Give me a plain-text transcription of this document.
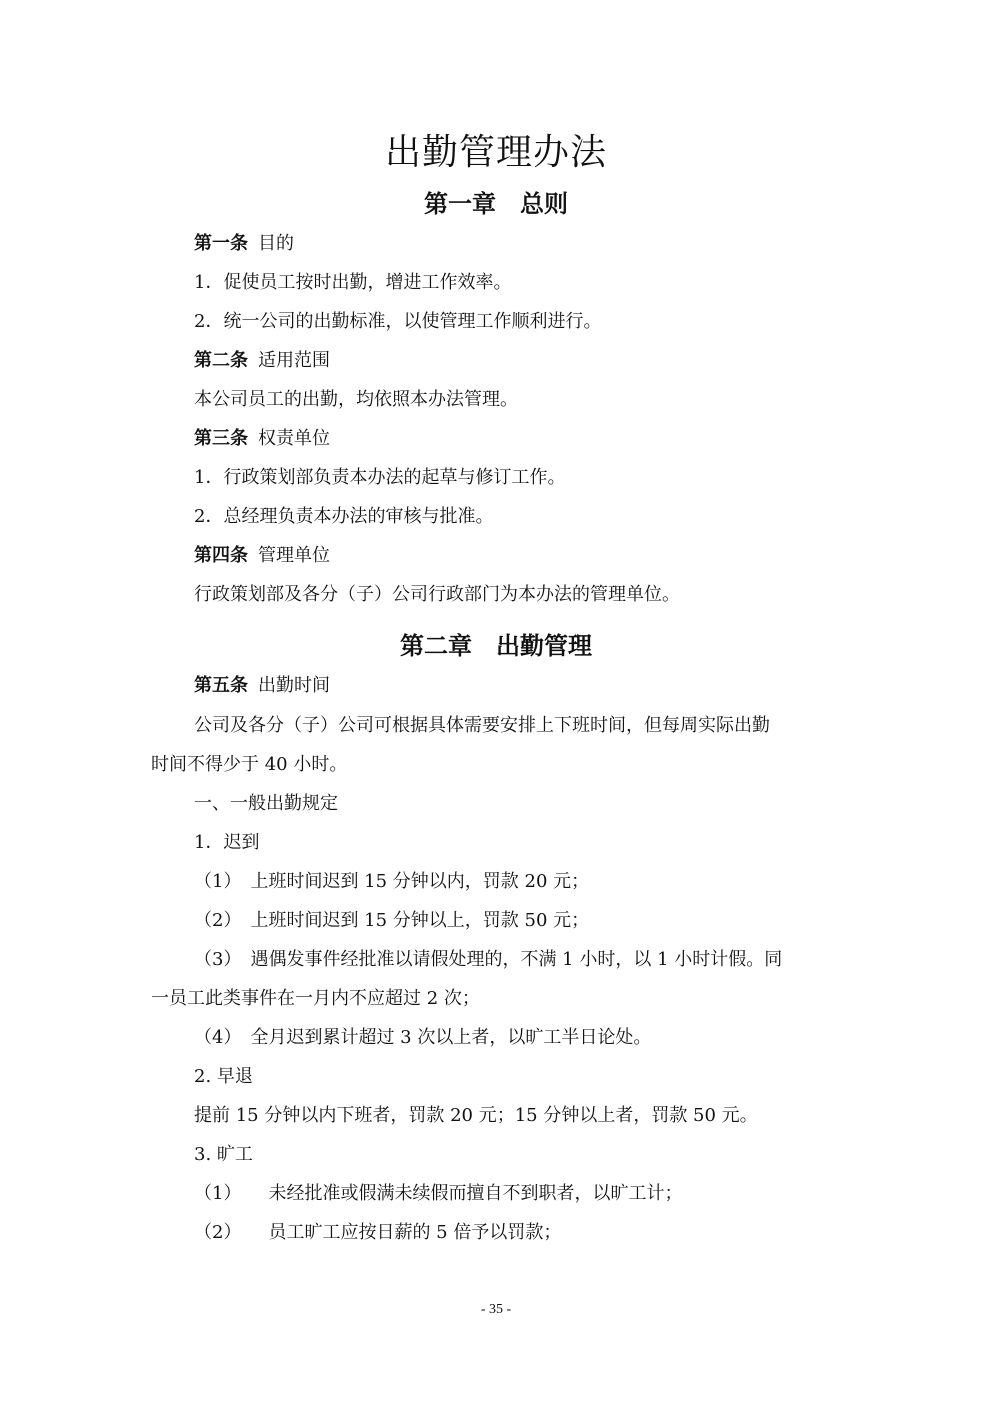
出勤管理办法
第一章　总则
第一条 目的
1．促使员工按时出勤，增进工作效率。
2．统一公司的出勤标准，以使管理工作顺利进行。
第二条 适用范围
本公司员工的出勤，均依照本办法管理。
第三条 权责单位
1．行政策划部负责本办法的起草与修订工作。
2．总经理负责本办法的审核与批准。
第四条 管理单位
行政策划部及各分（子）公司行政部门为本办法的管理单位。
第二章　出勤管理
第五条 出勤时间
公司及各分（子）公司可根据具体需要安排上下班时间，但每周实际出勤
时间不得少于 40 小时。
一、一般出勤规定
1．迟到
（1）　上班时间迟到 15 分钟以内，罚款 20 元；
（2）　上班时间迟到 15 分钟以上，罚款 50 元；
（3）　遇偶发事件经批准以请假处理的，不满 1 小时，以 1 小时计假。同
一员工此类事件在一月内不应超过 2 次；
（4）　全月迟到累计超过 3 次以上者，以旷工半日论处。
2. 早退
提前 15 分钟以内下班者，罚款 20 元；15 分钟以上者，罚款 50 元。
3. 旷工
（1）　　未经批准或假满未续假而擅自不到职者，以旷工计；
（2）　　员工旷工应按日薪的 5 倍予以罚款；
- 35 -
